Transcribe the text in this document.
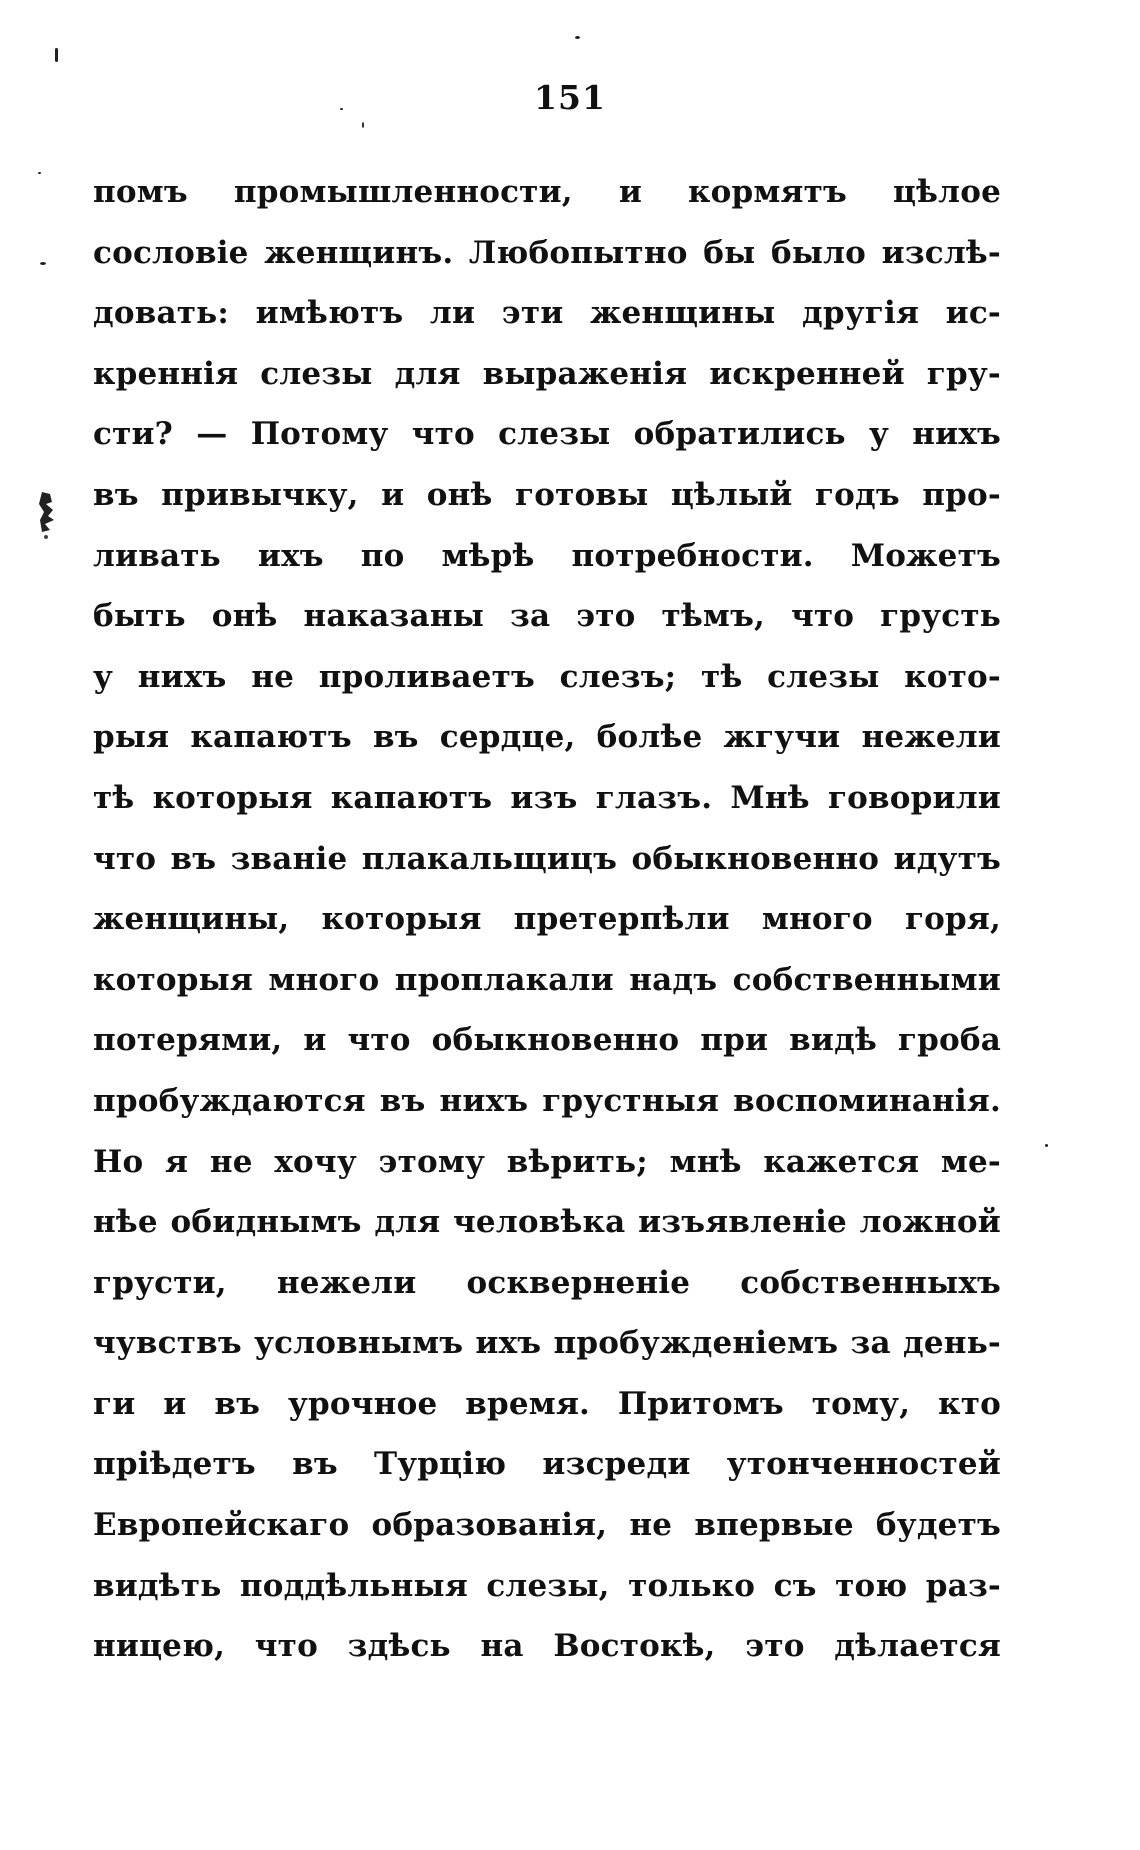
151
помъ промышленности, и кормятъ цѣлое
сословіе женщинъ. Любопытно бы было изслѣ-
довать: имѣютъ ли эти женщины другія ис-
креннія слезы для выраженія искренней гру-
сти? — Потому что слезы обратились у нихъ
въ привычку, и онѣ готовы цѣлый годъ про-
ливать ихъ по мѣрѣ потребности. Можетъ
быть онѣ наказаны за это тѣмъ, что грусть
у нихъ не проливаетъ слезъ; тѣ слезы кото-
рыя капаютъ въ сердце, болѣе жгучи нежели
тѣ которыя капаютъ изъ глазъ. Мнѣ говорили
что въ званіе плакальщицъ обыкновенно идутъ
женщины, которыя претерпѣли много горя,
которыя много проплакали надъ собственными
потерями, и что обыкновенно при видѣ гроба
пробуждаются въ нихъ грустныя воспоминанія.
Но я не хочу этому вѣрить; мнѣ кажется ме-
нѣе обиднымъ для человѣка изъявленіе ложной
грусти, нежели оскверненіе собственныхъ
чувствъ условнымъ ихъ пробужденіемъ за день-
ги и въ урочное время. Притомъ тому, кто
пріѣдетъ въ Турцію изсреди утонченностей
Европейскаго образованія, не впервые будетъ
видѣть поддѣльныя слезы, только съ тою раз-
ницею, что здѣсь на Востокѣ, это дѣлается
